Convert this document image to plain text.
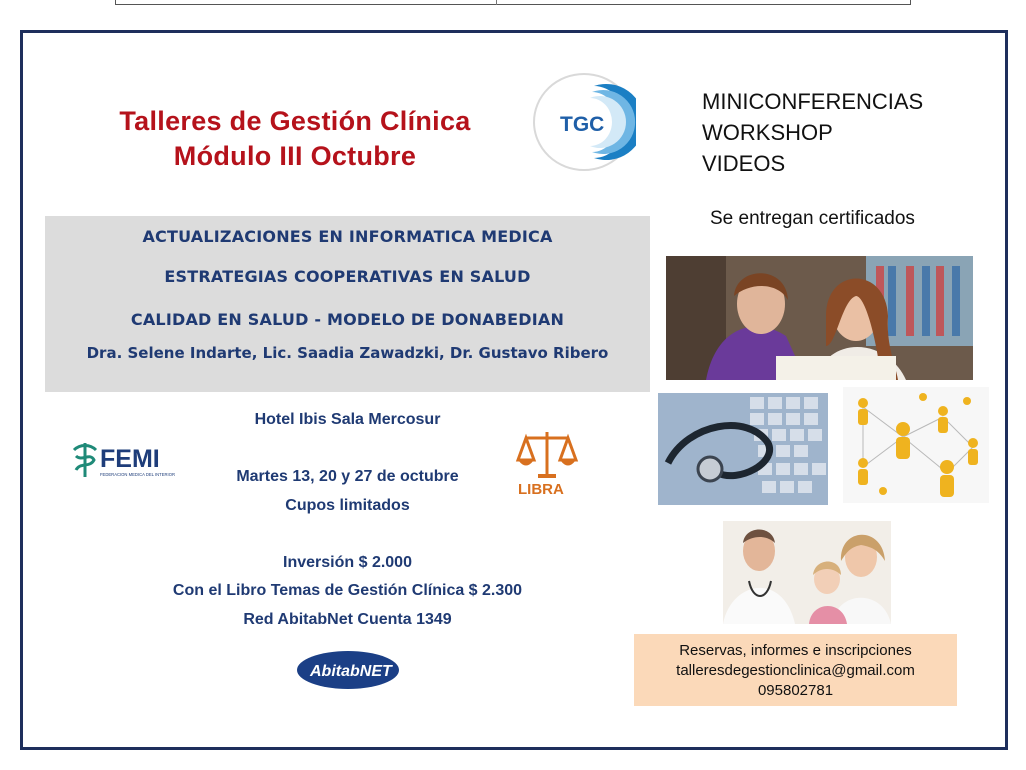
Talleres de Gestión Clínica
Módulo III Octubre
TGC
MINICONFERENCIAS
WORKSHOP
VIDEOS
Se entregan certificados
ACTUALIZACIONES EN INFORMATICA MEDICA
ESTRATEGIAS COOPERATIVAS EN SALUD
CALIDAD EN SALUD - MODELO DE DONABEDIAN
Dra. Selene Indarte, Lic. Saadia Zawadzki, Dr. Gustavo Ribero
Hotel Ibis Sala Mercosur
Martes 13, 20 y 27 de octubre
Cupos limitados
Inversión $ 2.000
Con el Libro Temas de Gestión Clínica $ 2.300
Red AbitabNet Cuenta 1349
FEMI
FEDERACION MEDICA DEL INTERIOR
LIBRA
AbitabNET
Reservas, informes e inscripciones
talleresdegestionclinica@gmail.com
095802781
